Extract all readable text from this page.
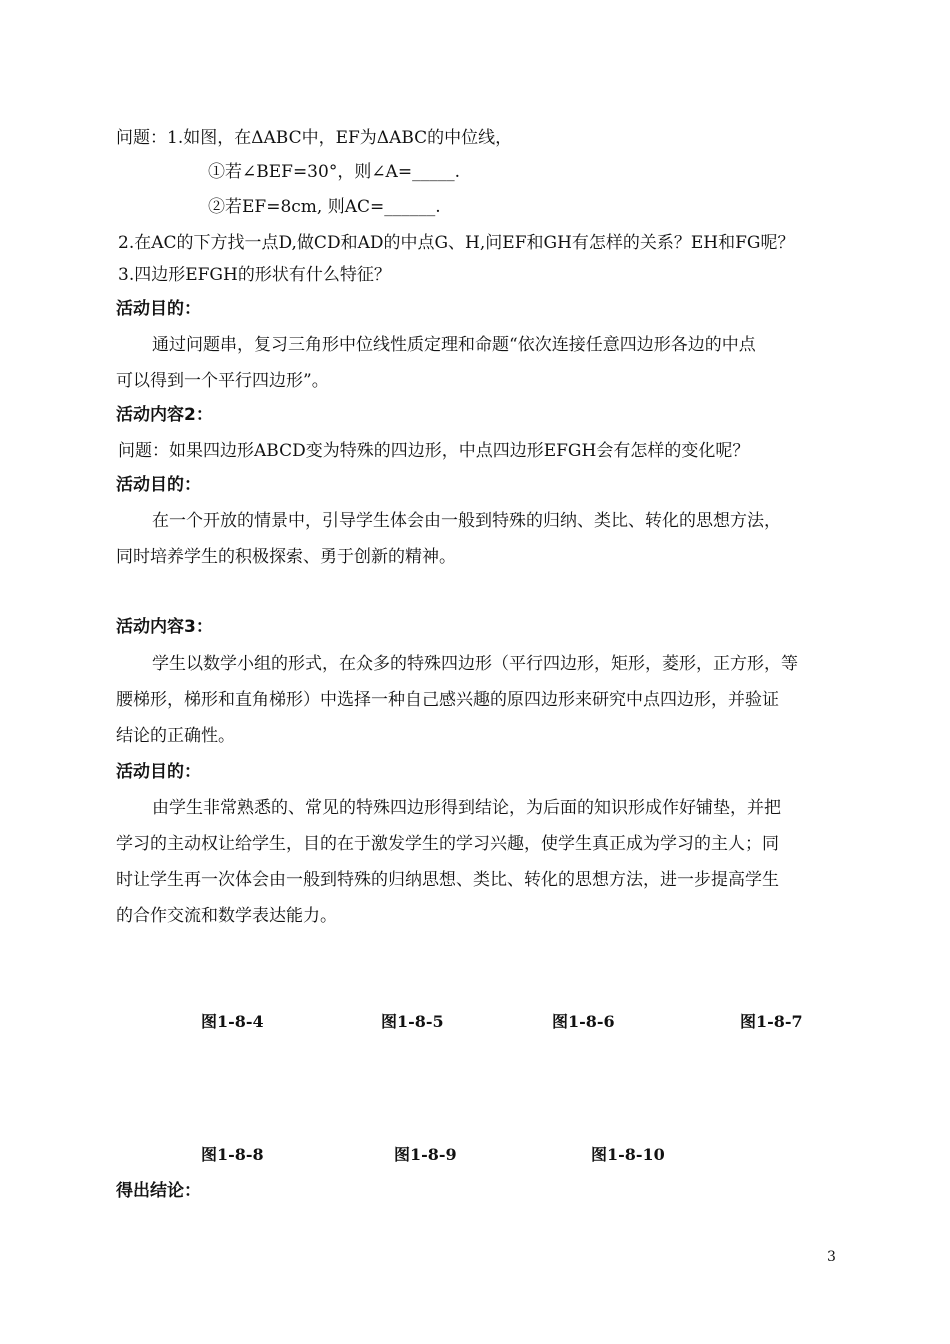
问题：1.如图，在ΔABC中，EF为ΔABC的中位线，
①若∠BEF=30°，则∠A=_____.
②若EF=8cm, 则AC=______.
2.在AC的下方找一点D,做CD和AD的中点G、H,问EF和GH有怎样的关系？EH和FG呢？
3.四边形EFGH的形状有什么特征？
活动目的：
通过问题串，复习三角形中位线性质定理和命题“依次连接任意四边形各边的中点
可以得到一个平行四边形”。
活动内容2：
问题：如果四边形ABCD变为特殊的四边形，中点四边形EFGH会有怎样的变化呢？
活动目的：
在一个开放的情景中，引导学生体会由一般到特殊的归纳、类比、转化的思想方法，
同时培养学生的积极探索、勇于创新的精神。
活动内容3：
学生以数学小组的形式，在众多的特殊四边形（平行四边形，矩形，菱形，正方形，等
腰梯形，梯形和直角梯形）中选择一种自己感兴趣的原四边形来研究中点四边形，并验证
结论的正确性。
活动目的：
由学生非常熟悉的、常见的特殊四边形得到结论，为后面的知识形成作好铺垫，并把
学习的主动权让给学生，目的在于激发学生的学习兴趣，使学生真正成为学习的主人；同
时让学生再一次体会由一般到特殊的归纳思想、类比、转化的思想方法，进一步提高学生
的合作交流和数学表达能力。
图1-8-4	图1-8-5	图1-8-6	图1-8-7
图1-8-8	图1-8-9	图1-8-10
得出结论：
3
